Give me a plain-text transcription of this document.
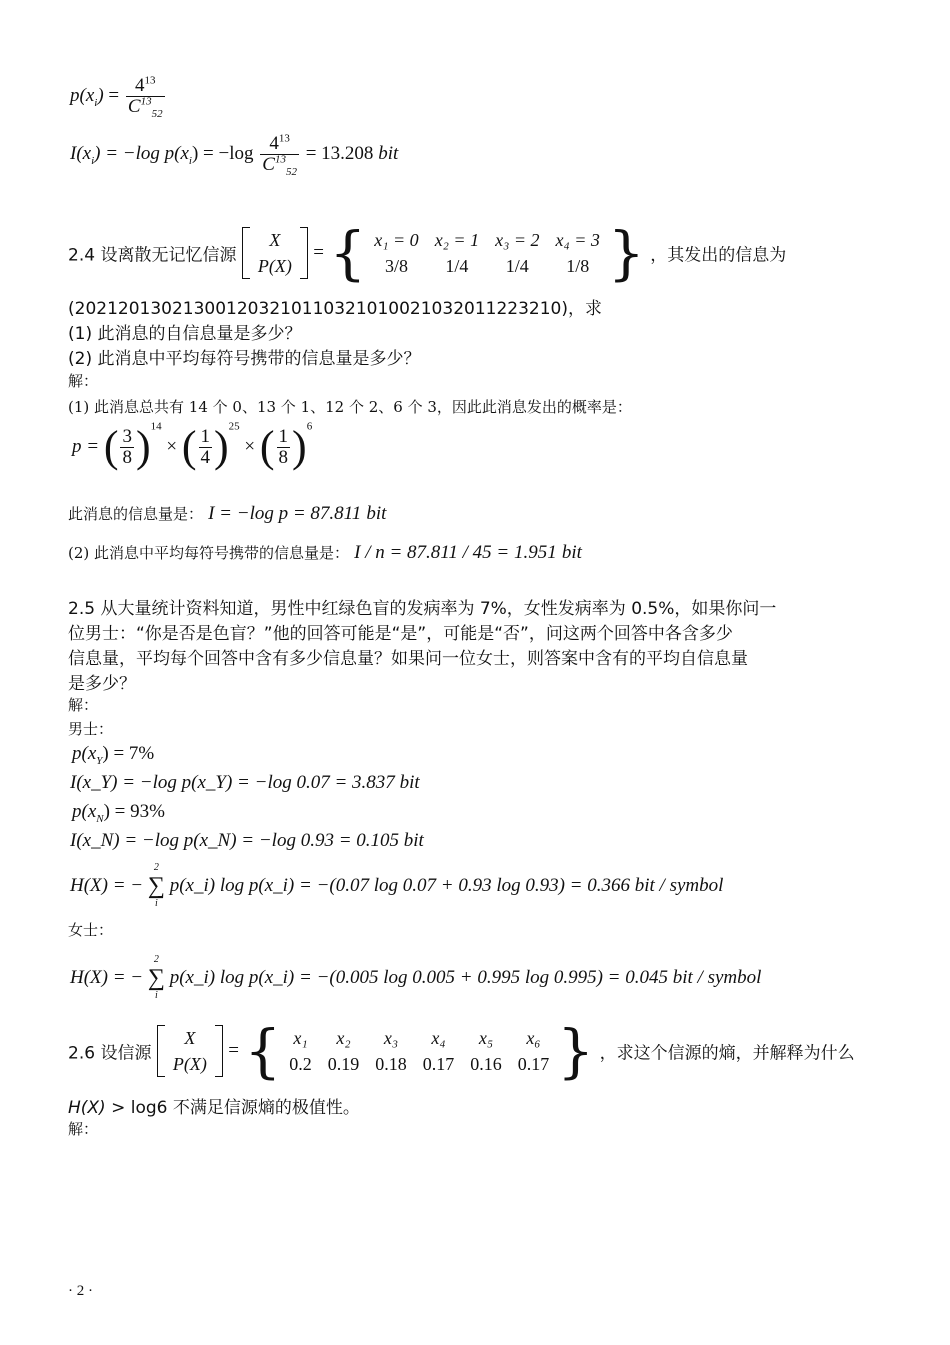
$p(x_i) = \frac{4^{13}}{C^{13}_{52}}$
$I(x_i) = -\log$ $p(x_i) = -\log \frac{4^{13}}{C^{13}_{52}} = 13.208$ bit
2.4 设离散无记忆信源
X
P(X)
= { x₁ = 0	x₂ = 1	x₃ = 2	x₄ = 3
3/8	1/4	1/4	1/8 } ，其发出的信息为
(202120130213001203210110321010021032011223210)，求
(1) 此消息的自信息量是多少？
(2) 此消息中平均每符号携带的信息量是多少？
解：
(1) 此消息总共有 14 个 0、13 个 1、12 个 2、6 个 3，因此此消息发出的概率是：
p = ( $\frac{3}{8} )^{14}$ × ( $\frac{1}{4} )^{25}$ × ( $\frac{1}{8} )^6$
此消息的信息量是： I = −log p = 87.811 bit
(2) 此消息中平均每符号携带的信息量是： I / n = 87.811 / 45 = 1.951 bit
2.5 从大量统计资料知道，男性中红绿色盲的发病率为 7%，女性发病率为 0.5%，如果你问一
位男士：“你是否是色盲？”他的回答可能是“是”，可能是“否”，问这两个回答中各含多少
信息量，平均每个回答中含有多少信息量？如果问一位女士，则答案中含有的平均自信息量
是多少？
解：
男士：
$p(x_Y) = 7\%$
I(x_Y) = −log p(x_Y) = −log 0.07 = 3.837 bit
$p(x_N) = 93\%$
I(x_N) = −log p(x_N) = −log 0.93 = 0.105 bit
H(X) = −
2
∑
i
p(x_i) log p(x_i) = −(0.07 log 0.07 + 0.93 log 0.93) = 0.366 bit / symbol
女士：
H(X) = −
2
∑
i
p(x_i) log p(x_i) = −(0.005 log 0.005 + 0.995 log 0.995) = 0.045 bit / symbol
2.6 设信源
X
P(X)
= { x₁	x₂	x₃	x₄	x₅	x₆
0.2	0.19	0.18	0.17	0.16	0.17 } ，求这个信源的熵，并解释为什么
H(X) > log6 不满足信源熵的极值性。
解：
· 2 ·
